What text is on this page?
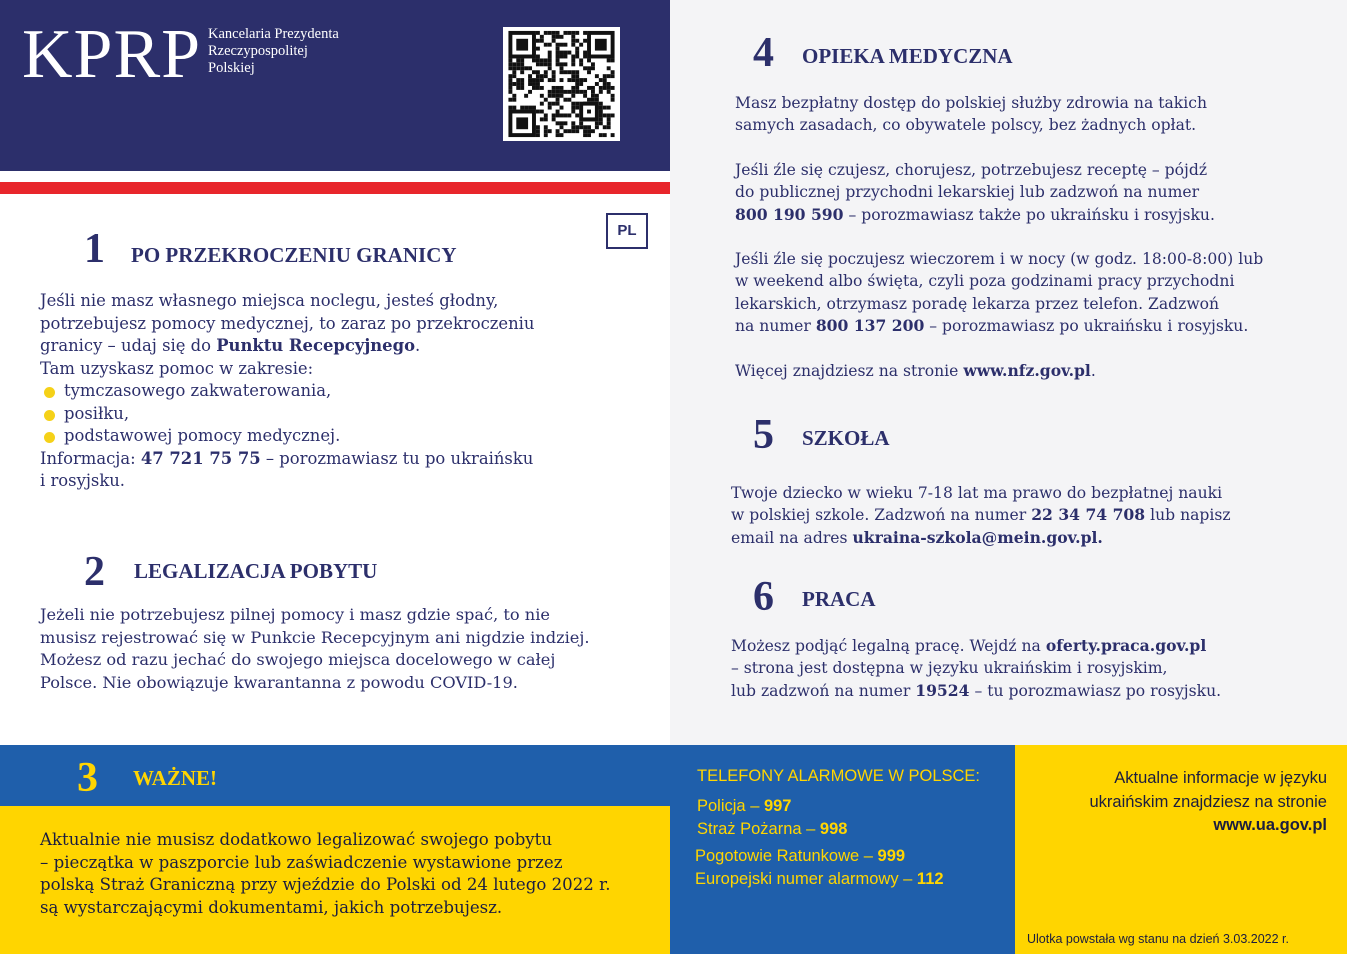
KPRP Kancelaria Prezydenta
Rzeczypospolitej
Polskiej
PL
1 PO PRZEKROCZENIU GRANICY
Jeśli nie masz własnego miejsca noclegu, jesteś głodny,
potrzebujesz pomocy medycznej, to zaraz po przekroczeniu
granicy – udaj się do Punktu Recepcyjnego.
Tam uzyskasz pomoc w zakresie:
tymczasowego zakwaterowania,
posiłku,
podstawowej pomocy medycznej.
Informacja: 47 721 75 75 – porozmawiasz tu po ukraińsku
i rosyjsku.
2 LEGALIZACJA POBYTU
Jeżeli nie potrzebujesz pilnej pomocy i masz gdzie spać, to nie
musisz rejestrować się w Punkcie Recepcyjnym ani nigdzie indziej.
Możesz od razu jechać do swojego miejsca docelowego w całej
Polsce. Nie obowiązuje kwarantanna z powodu COVID-19.
3 WAŻNE!
Aktualnie nie musisz dodatkowo legalizować swojego pobytu
– pieczątka w paszporcie lub zaświadczenie wystawione przez
polską Straż Graniczną przy wjeździe do Polski od 24 lutego 2022 r.
są wystarczającymi dokumentami, jakich potrzebujesz.
4 OPIEKA MEDYCZNA
Masz bezpłatny dostęp do polskiej służby zdrowia na takich
samych zasadach, co obywatele polscy, bez żadnych opłat.
Jeśli źle się czujesz, chorujesz, potrzebujesz receptę – pójdź
do publicznej przychodni lekarskiej lub zadzwoń na numer
800 190 590 – porozmawiasz także po ukraińsku i rosyjsku.
Jeśli źle się poczujesz wieczorem i w nocy (w godz. 18:00-8:00) lub
w weekend albo święta, czyli poza godzinami pracy przychodni
lekarskich, otrzymasz poradę lekarza przez telefon. Zadzwoń
na numer 800 137 200 – porozmawiasz po ukraińsku i rosyjsku.
Więcej znajdziesz na stronie www.nfz.gov.pl.
5 SZKOŁA
Twoje dziecko w wieku 7-18 lat ma prawo do bezpłatnej nauki
w polskiej szkole. Zadzwoń na numer 22 34 74 708 lub napisz
email na adres ukraina-szkola@mein.gov.pl.
6 PRACA
Możesz podjąć legalną pracę. Wejdź na oferty.praca.gov.pl
– strona jest dostępna w języku ukraińskim i rosyjskim,
lub zadzwoń na numer 19524 – tu porozmawiasz po rosyjsku.
TELEFONY ALARMOWE W POLSCE:
Policja – 997
Straż Pożarna – 998
Pogotowie Ratunkowe – 999
Europejski numer alarmowy – 112
Aktualne informacje w języku
ukraińskim znajdziesz na stronie
www.ua.gov.pl
Ulotka powstała wg stanu na dzień 3.03.2022 r.
